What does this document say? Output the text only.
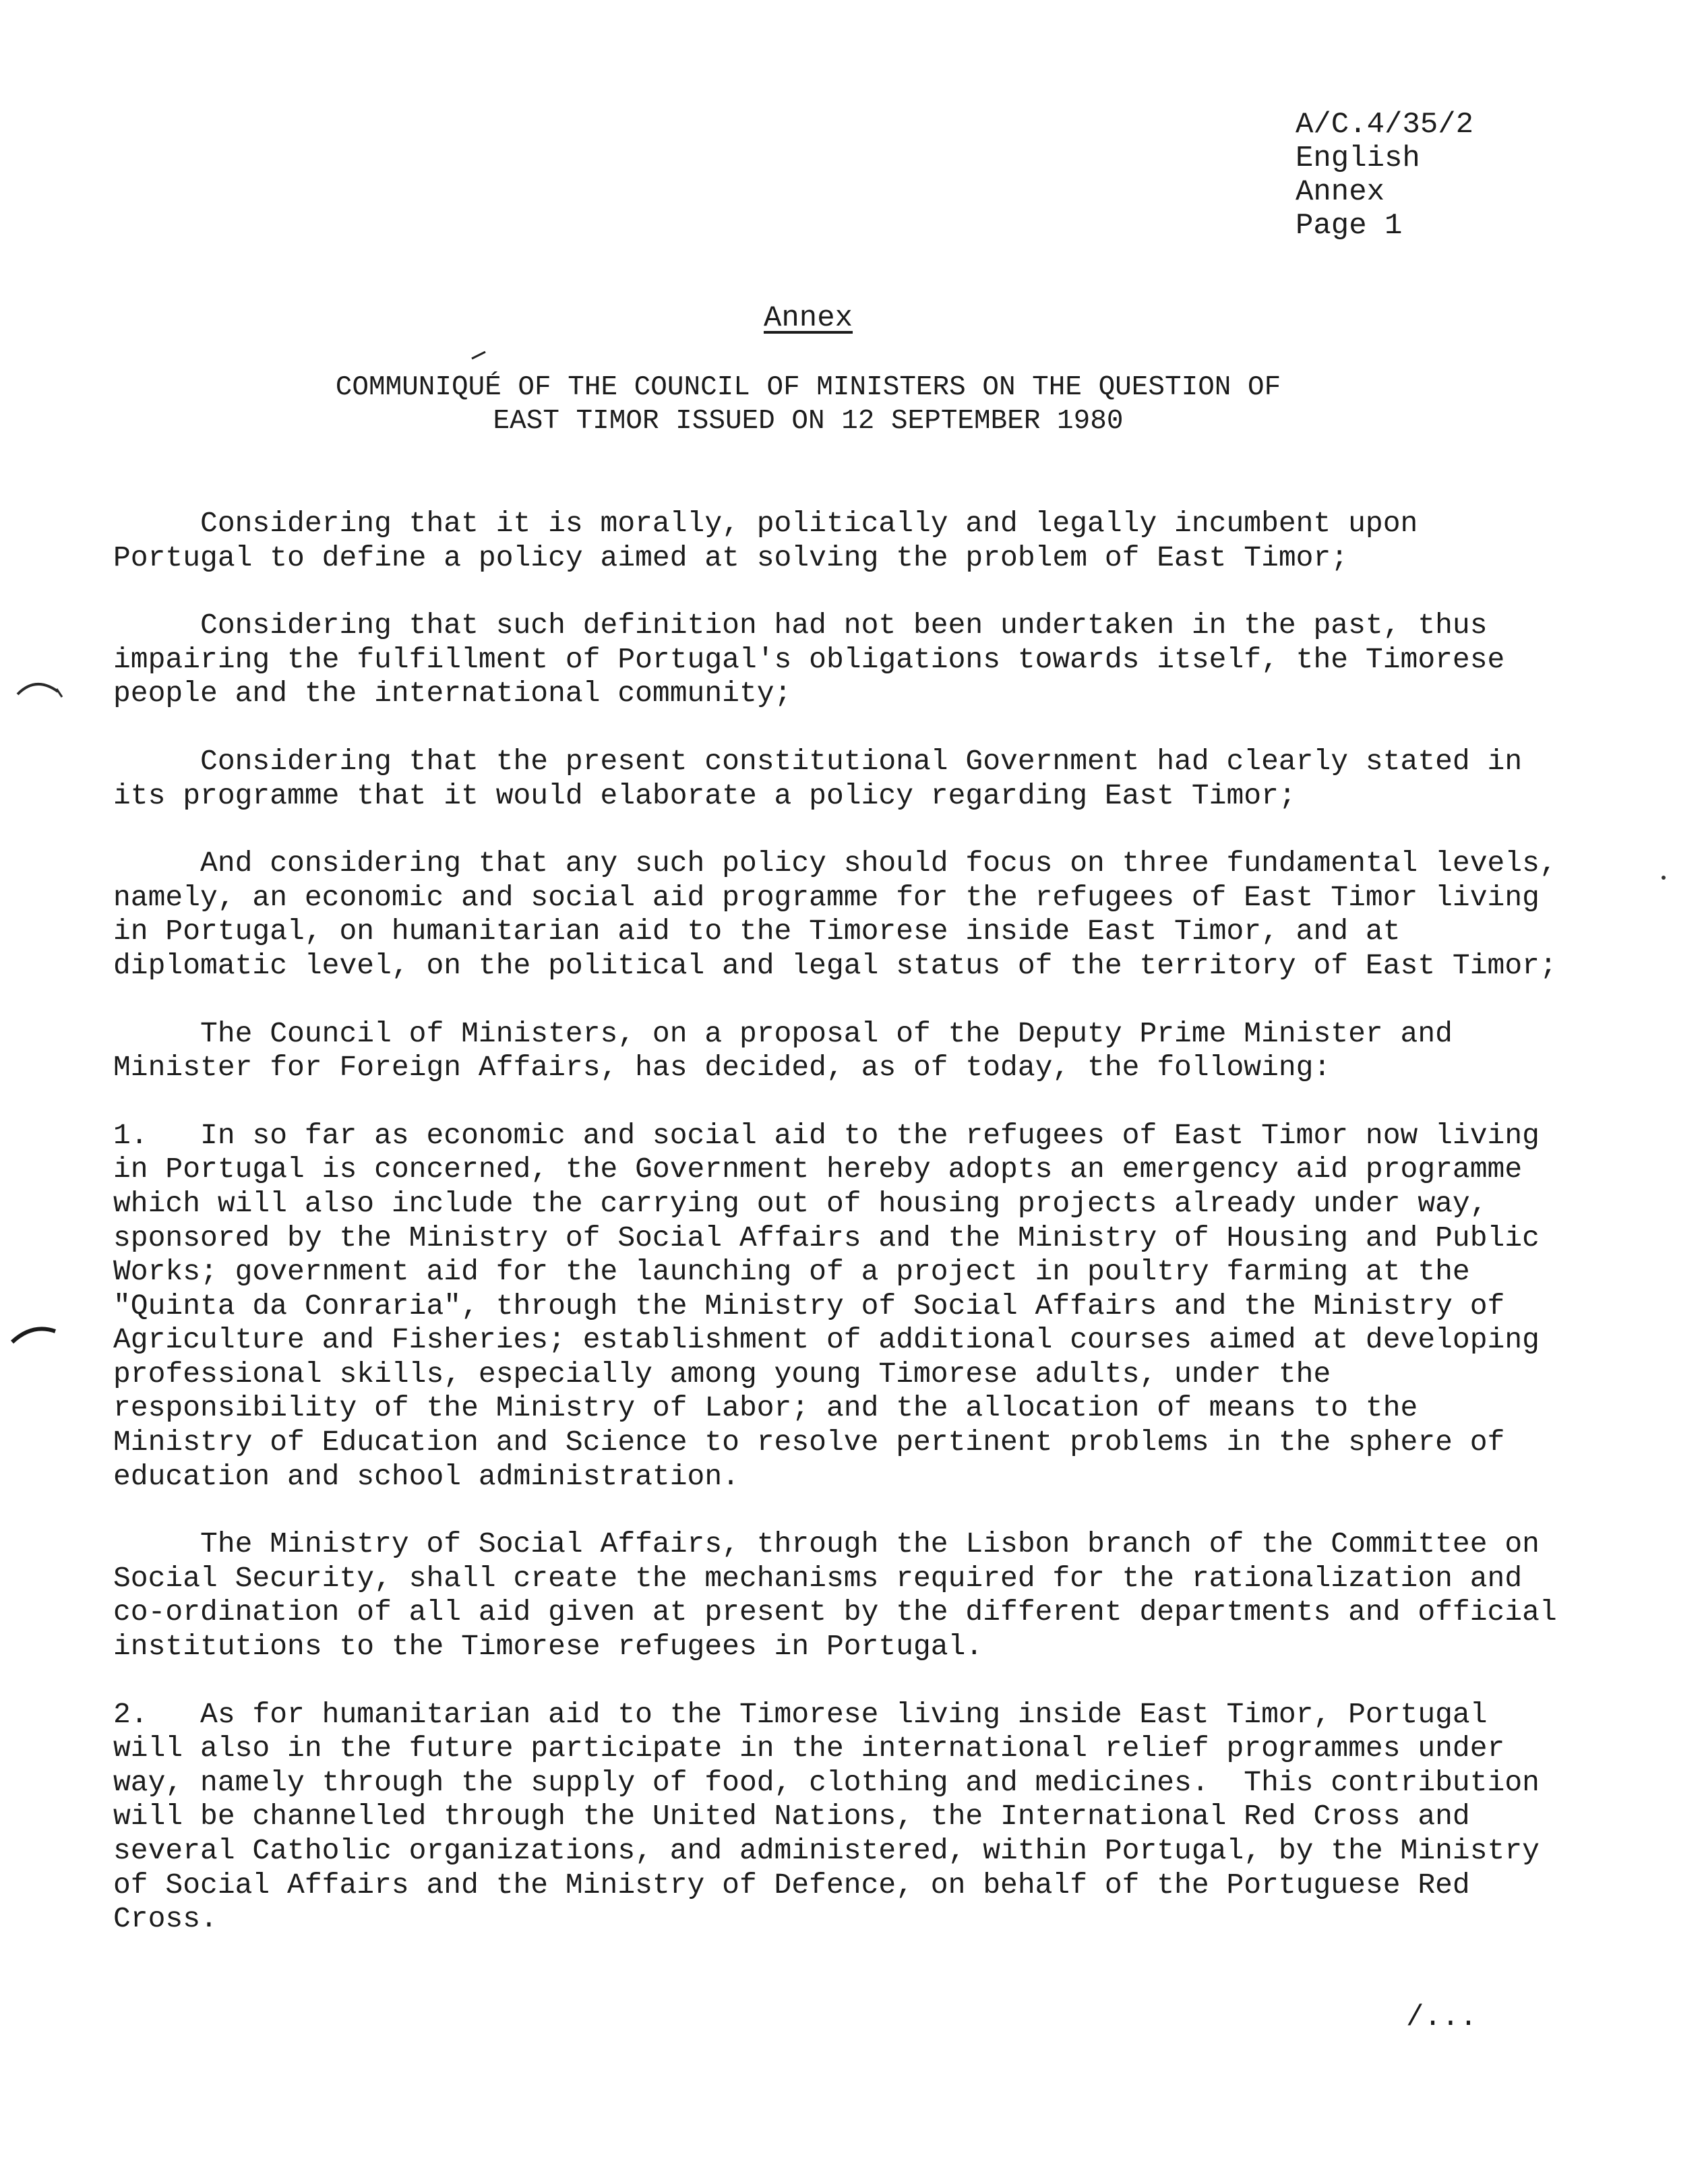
A/C.4/35/2
English
Annex
Page 1
Annex
COMMUNIQUÉ OF THE COUNCIL OF MINISTERS ON THE QUESTION OF
EAST TIMOR ISSUED ON 12 SEPTEMBER 1980

Considering that it is morally, politically and legally incumbent upon
Portugal to define a policy aimed at solving the problem of East Timor;

Considering that such definition had not been undertaken in the past, thus
impairing the fulfillment of Portugal's obligations towards itself, the Timorese
people and the international community;

Considering that the present constitutional Government had clearly stated in
its programme that it would elaborate a policy regarding East Timor;

And considering that any such policy should focus on three fundamental levels,
namely, an economic and social aid programme for the refugees of East Timor living
in Portugal, on humanitarian aid to the Timorese inside East Timor, and at
diplomatic level, on the political and legal status of the territory of East Timor;

The Council of Ministers, on a proposal of the Deputy Prime Minister and
Minister for Foreign Affairs, has decided, as of today, the following:

1.   In so far as economic and social aid to the refugees of East Timor now living
in Portugal is concerned, the Government hereby adopts an emergency aid programme
which will also include the carrying out of housing projects already under way,
sponsored by the Ministry of Social Affairs and the Ministry of Housing and Public
Works; government aid for the launching of a project in poultry farming at the
"Quinta da Conraria", through the Ministry of Social Affairs and the Ministry of
Agriculture and Fisheries; establishment of additional courses aimed at developing
professional skills, especially among young Timorese adults, under the
responsibility of the Ministry of Labor; and the allocation of means to the
Ministry of Education and Science to resolve pertinent problems in the sphere of
education and school administration.

The Ministry of Social Affairs, through the Lisbon branch of the Committee on
Social Security, shall create the mechanisms required for the rationalization and
co-ordination of all aid given at present by the different departments and official
institutions to the Timorese refugees in Portugal.

2.   As for humanitarian aid to the Timorese living inside East Timor, Portugal
will also in the future participate in the international relief programmes under
way, namely through the supply of food, clothing and medicines.  This contribution
will be channelled through the United Nations, the International Red Cross and
several Catholic organizations, and administered, within Portugal, by the Ministry
of Social Affairs and the Ministry of Defence, on behalf of the Portuguese Red
Cross.

/...
